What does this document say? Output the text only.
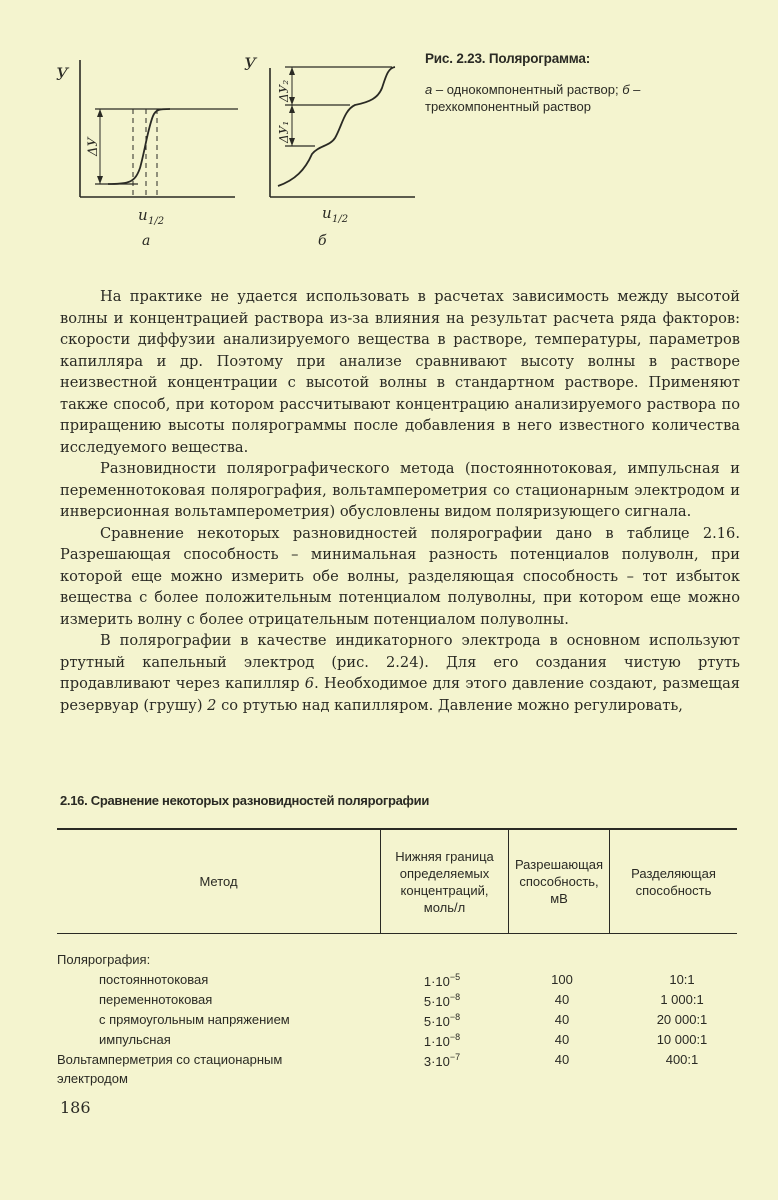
У
ΔУ
u 1/2
а
У
ΔУ₂
ΔУ₁
u 1/2
б
Рис. 2.23. Полярограмма:
а – однокомпонентный раствор; б – трехкомпонентный раствор

На практике не удается использовать в расчетах зависимость между высотой волны и концентрацией раствора из-за влияния на результат расчета ряда факторов: скорости диффузии анализируемого вещества в растворе, температуры, параметров капилляра и др. Поэтому при анализе сравнивают высоту волны в растворе неизвестной концентрации с высотой волны в стандартном растворе. Применяют также способ, при котором рассчитывают концентрацию анализируемого раствора по приращению высоты полярограммы после добавления в него известного количества исследуемого вещества.

Разновидности полярографического метода (постояннотоковая, импульсная и переменнотоковая полярография, вольтамперометрия со стационарным электродом и инверсионная вольтамперометрия) обусловлены видом поляризующего сигнала.

Сравнение некоторых разновидностей полярографии дано в таблице 2.16. Разрешающая способность – минимальная разность потенциалов полуволн, при которой еще можно измерить обе волны, разделяющая способность – тот избыток вещества с более положительным потенциалом полуволны, при котором еще можно измерить волну с более отрицательным потенциалом полуволны.

В полярографии в качестве индикаторного электрода в основном используют ртутный капельный электрод (рис. 2.24). Для его создания чистую ртуть продавливают через капилляр 6. Необходимое для этого давление создают, размещая резервуар (грушу) 2 со ртутью над капилляром. Давление можно регулировать,

2.16. Сравнение некоторых разновидностей полярографии
Метод
Нижняя граница определяемых концентраций, моль/л
Разрешающая способность, мВ
Разделяющая способность
Полярография:
постояннотоковая	$1\cdot 10^{-5}$	100	10:1
переменнотоковая	$5\cdot 10^{-8}$	40	1 000:1
с прямоугольным напряжением	$5\cdot 10^{-8}$	40	20 000:1
импульсная	$1\cdot 10^{-8}$	40	10 000:1
Вольтамперметрия со стационарным	$3\cdot 10^{-7}$	40	400:1
электродом
186
